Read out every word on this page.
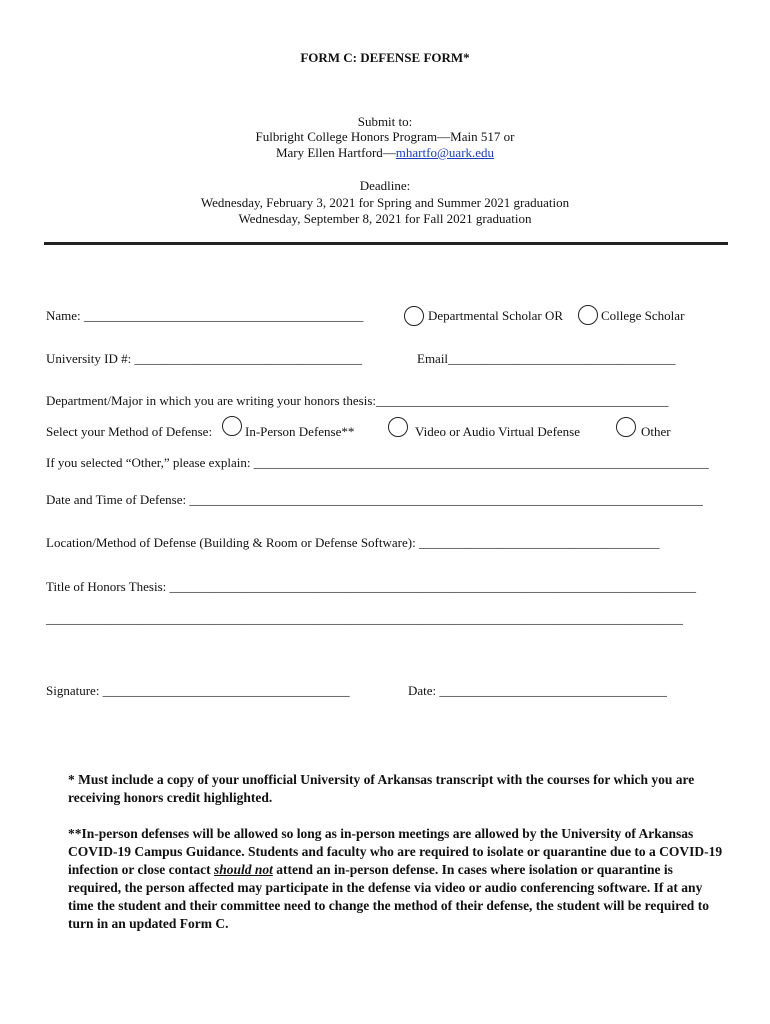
FORM C: DEFENSE FORM*
Submit to:
Fulbright College Honors Program—Main 517 or
Mary Ellen Hartford—mhartfo@uark.edu
Deadline:
Wednesday, February 3, 2021 for Spring and Summer 2021 graduation
Wednesday, September 8, 2021 for Fall 2021 graduation
Name: ___________________________________________	Departmental Scholar OR	College Scholar
University ID #: ___________________________________	Email___________________________________
Department/Major in which you are writing your honors thesis:_____________________________________________
Select your Method of Defense:	In-Person Defense**	Video or Audio Virtual Defense	Other
If you selected “Other,” please explain: ______________________________________________________________________
Date and Time of Defense: _______________________________________________________________________________
Location/Method of Defense (Building & Room or Defense Software): _____________________________________
Title of Honors Thesis: _________________________________________________________________________________
__________________________________________________________________________________________________
Signature: ______________________________________	Date: ___________________________________

* Must include a copy of your unofficial University of Arkansas transcript with the courses for which you are receiving honors credit highlighted.

**In-person defenses will be allowed so long as in-person meetings are allowed by the University of Arkansas COVID-19 Campus Guidance. Students and faculty who are required to isolate or quarantine due to a COVID-19 infection or close contact should not attend an in-person defense. In cases where isolation or quarantine is required, the person affected may participate in the defense via video or audio conferencing software. If at any time the student and their committee need to change the method of their defense, the student will be required to turn in an updated Form C.
